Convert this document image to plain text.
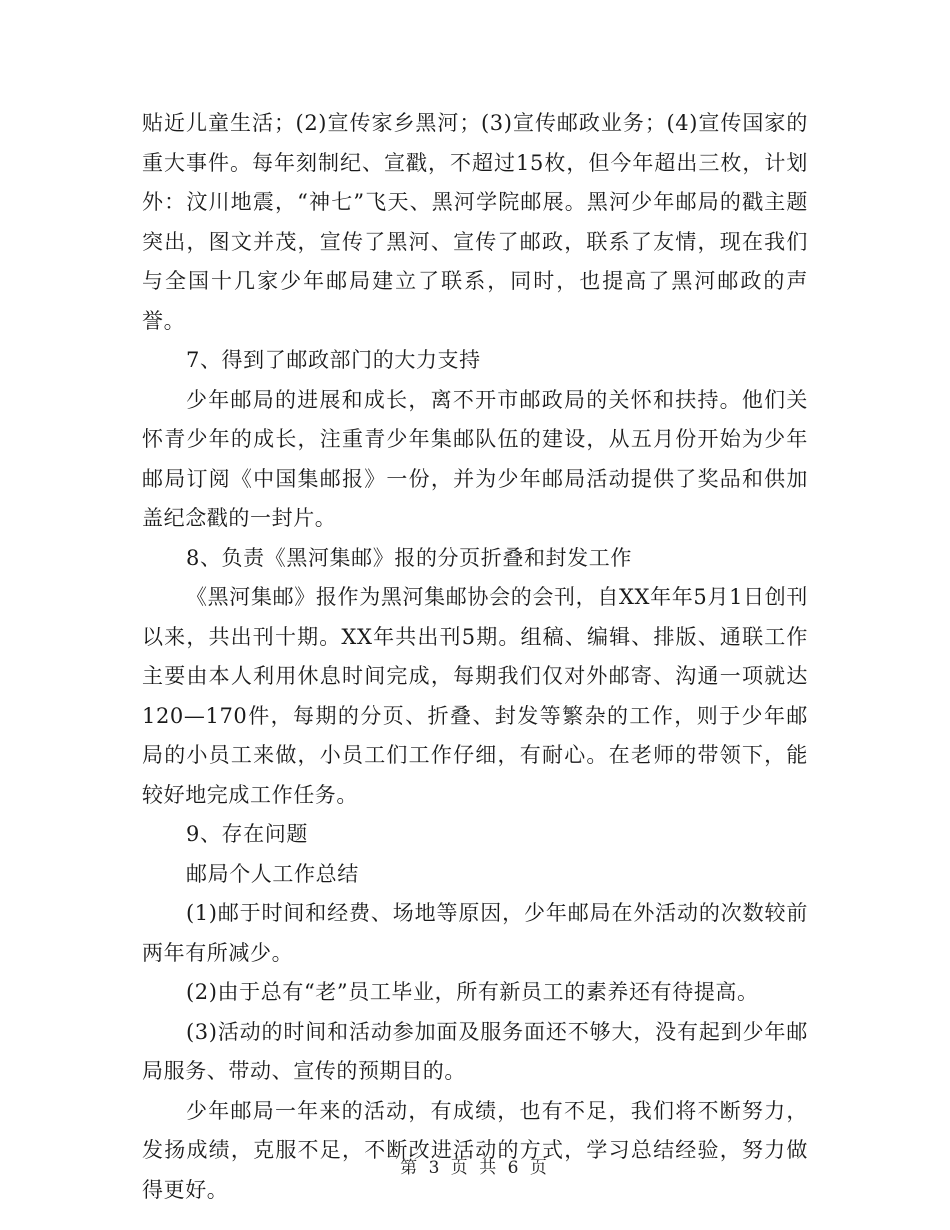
贴近儿童生活；(2)宣传家乡黑河；(3)宣传邮政业务；(4)宣传国家的重大事件。每年刻制纪、宣戳，不超过15枚，但今年超出三枚，计划外：汶川地震，“神七”飞天、黑河学院邮展。黑河少年邮局的戳主题突出，图文并茂，宣传了黑河、宣传了邮政，联系了友情，现在我们与全国十几家少年邮局建立了联系，同时，也提高了黑河邮政的声誉。

7、得到了邮政部门的大力支持

少年邮局的进展和成长，离不开市邮政局的关怀和扶持。他们关怀青少年的成长，注重青少年集邮队伍的建设，从五月份开始为少年邮局订阅《中国集邮报》一份，并为少年邮局活动提供了奖品和供加盖纪念戳的一封片。

8、负责《黑河集邮》报的分页折叠和封发工作

《黑河集邮》报作为黑河集邮协会的会刊，自XX年年5月1日创刊以来，共出刊十期。XX年共出刊5期。组稿、编辑、排版、通联工作主要由本人利用休息时间完成，每期我们仅对外邮寄、沟通一项就达120—170件，每期的分页、折叠、封发等繁杂的工作，则于少年邮局的小员工来做，小员工们工作仔细，有耐心。在老师的带领下，能较好地完成工作任务。

9、存在问题

邮局个人工作总结

(1)邮于时间和经费、场地等原因，少年邮局在外活动的次数较前两年有所减少。

(2)由于总有“老”员工毕业，所有新员工的素养还有待提高。

(3)活动的时间和活动参加面及服务面还不够大，没有起到少年邮局服务、带动、宣传的预期目的。

少年邮局一年来的活动，有成绩，也有不足，我们将不断努力，发扬成绩，克服不足，不断改进活动的方式，学习总结经验，努力做得更好。

第 3 页 共 6 页
